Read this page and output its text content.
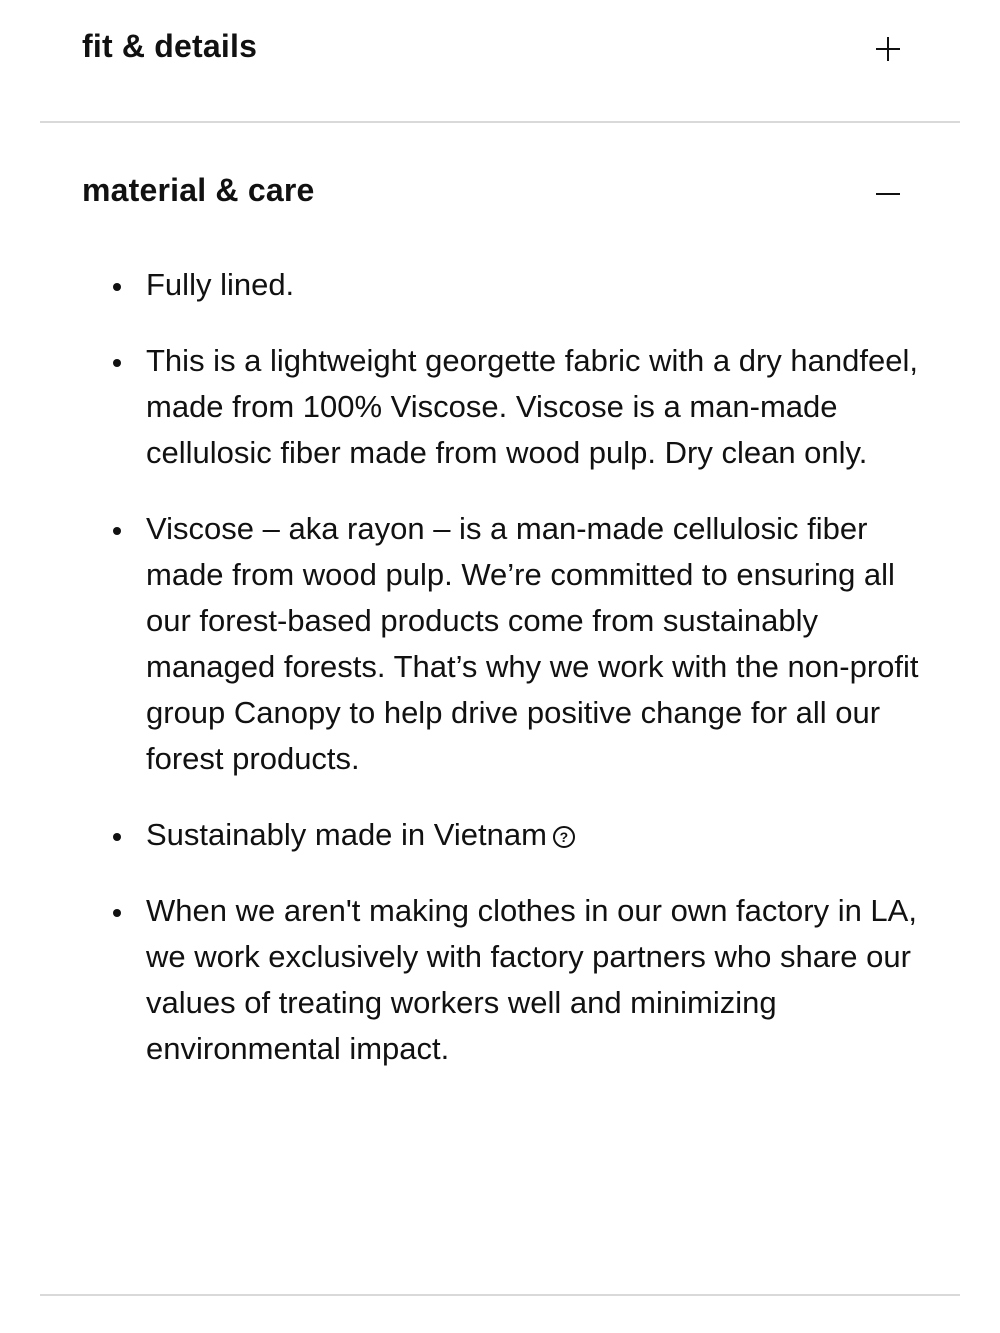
fit & details
material & care
Fully lined.
This is a lightweight georgette fabric with a dry handfeel, made from 100% Viscose. Viscose is a man-made cellulosic fiber made from wood pulp. Dry clean only.
Viscose – aka rayon – is a man-made cellulosic fiber made from wood pulp. We’re committed to ensuring all our forest-based products come from sustainably managed forests. That’s why we work with the non-profit group Canopy to help drive positive change for all our forest products.
Sustainably made in Vietnam ?
When we aren't making clothes in our own factory in LA, we work exclusively with factory partners who share our values of treating workers well and minimizing environmental impact.
